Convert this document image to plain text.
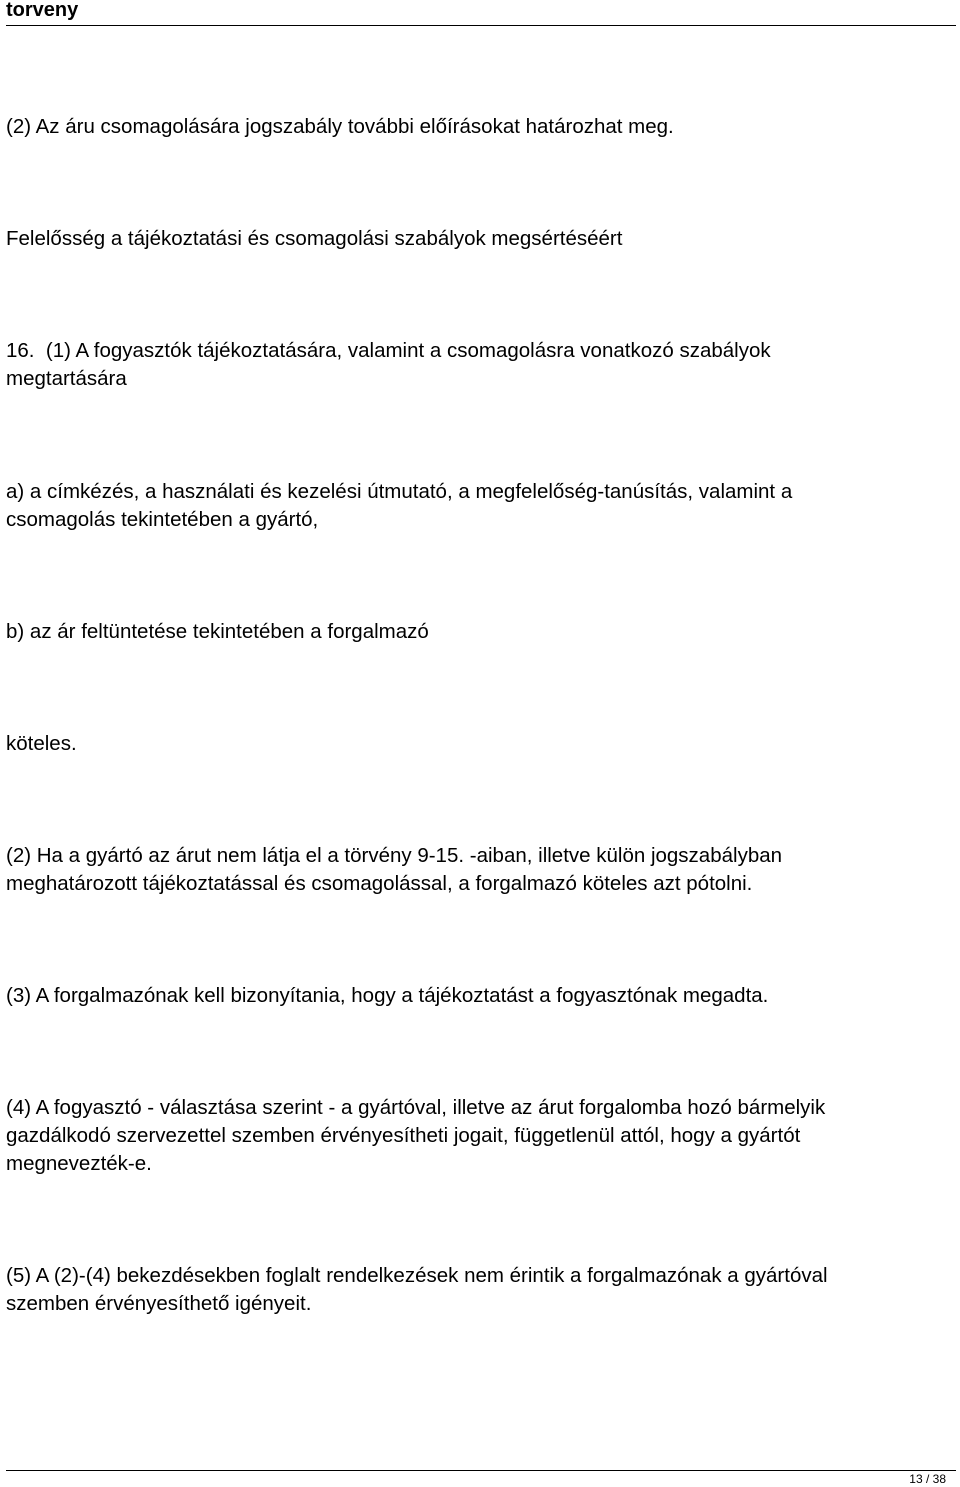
torveny

(2) Az áru csomagolására jogszabály további előírásokat határozhat meg.

Felelősség a tájékoztatási és csomagolási szabályok megsértéséért

16.  (1) A fogyasztók tájékoztatására, valamint a csomagolásra vonatkozó szabályok
megtartására

a) a címkézés, a használati és kezelési útmutató, a megfelelőség-tanúsítás, valamint a
csomagolás tekintetében a gyártó,

b) az ár feltüntetése tekintetében a forgalmazó

köteles.

(2) Ha a gyártó az árut nem látja el a törvény 9-15. -aiban, illetve külön jogszabályban
meghatározott tájékoztatással és csomagolással, a forgalmazó köteles azt pótolni.

(3) A forgalmazónak kell bizonyítania, hogy a tájékoztatást a fogyasztónak megadta.

(4) A fogyasztó - választása szerint - a gyártóval, illetve az árut forgalomba hozó bármelyik
gazdálkodó szervezettel szemben érvényesítheti jogait, függetlenül attól, hogy a gyártót
megnevezték-e.

(5) A (2)-(4) bekezdésekben foglalt rendelkezések nem érintik a forgalmazónak a gyártóval
szemben érvényesíthető igényeit.

13 / 38
